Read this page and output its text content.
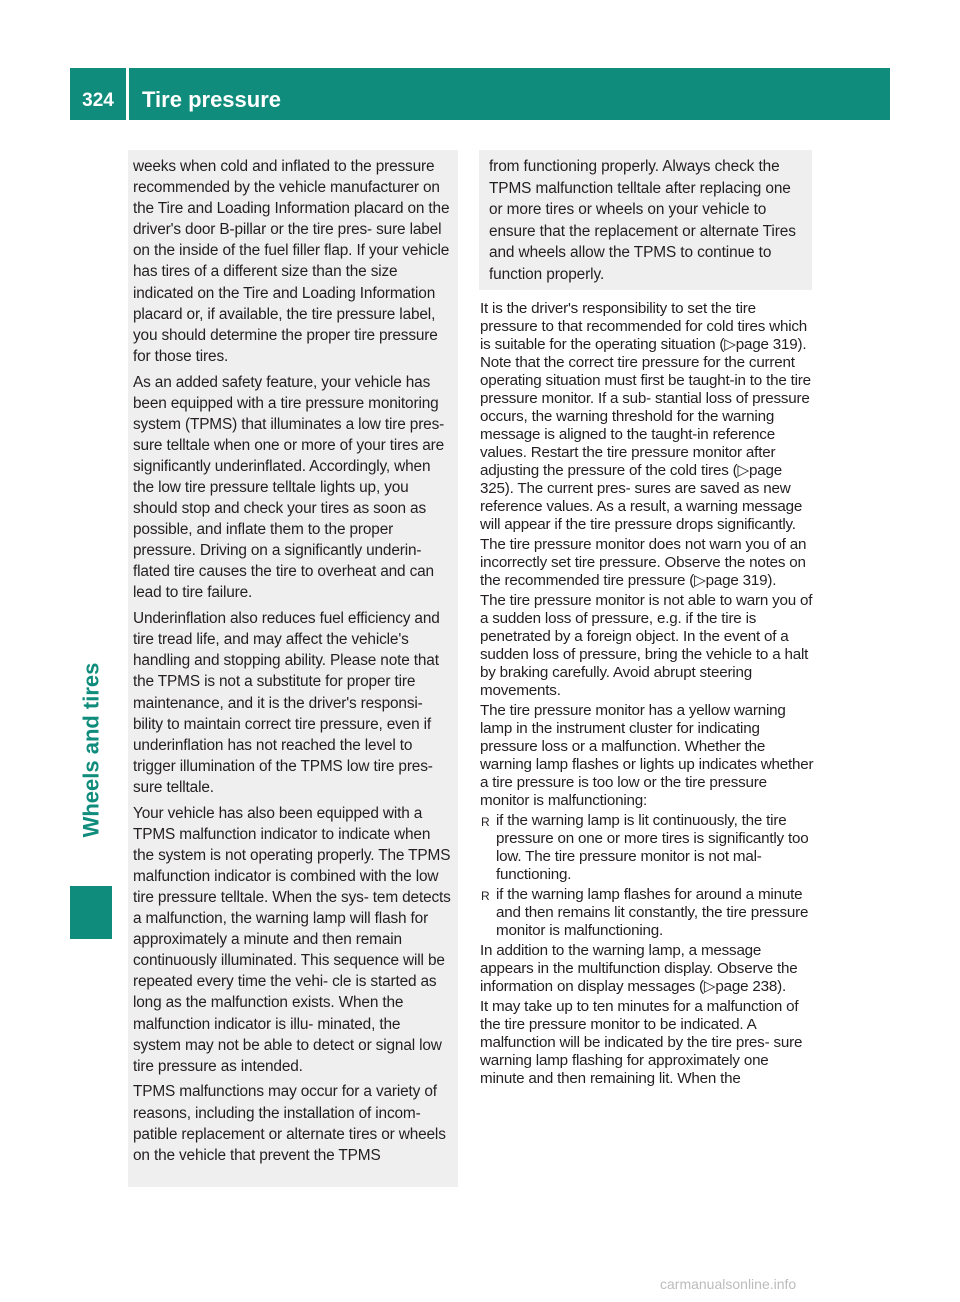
324	Tire pressure
Wheels and tires

weeks when cold and inflated to the pressure recommended by the vehicle manufacturer on the Tire and Loading Information placard on the driver's door B-pillar or the tire pres- sure label on the inside of the fuel filler flap. If your vehicle has tires of a different size than the size indicated on the Tire and Loading Information placard or, if available, the tire pressure label, you should determine the proper tire pressure for those tires.

As an added safety feature, your vehicle has been equipped with a tire pressure monitoring system (TPMS) that illuminates a low tire pres- sure telltale when one or more of your tires are significantly underinflated. Accordingly, when the low tire pressure telltale lights up, you should stop and check your tires as soon as possible, and inflate them to the proper pressure. Driving on a significantly underin- flated tire causes the tire to overheat and can lead to tire failure.

Underinflation also reduces fuel efficiency and tire tread life, and may affect the vehicle's handling and stopping ability. Please note that the TPMS is not a substitute for proper tire maintenance, and it is the driver's responsi- bility to maintain correct tire pressure, even if underinflation has not reached the level to trigger illumination of the TPMS low tire pres- sure telltale.

Your vehicle has also been equipped with a TPMS malfunction indicator to indicate when the system is not operating properly. The TPMS malfunction indicator is combined with the low tire pressure telltale. When the sys- tem detects a malfunction, the warning lamp will flash for approximately a minute and then remain continuously illuminated. This sequence will be repeated every time the vehi- cle is started as long as the malfunction exists. When the malfunction indicator is illu- minated, the system may not be able to detect or signal low tire pressure as intended.

TPMS malfunctions may occur for a variety of reasons, including the installation of incom- patible replacement or alternate tires or wheels on the vehicle that prevent the TPMS

from functioning properly. Always check the TPMS malfunction telltale after replacing one or more tires or wheels on your vehicle to ensure that the replacement or alternate Tires and wheels allow the TPMS to continue to function properly.

It is the driver's responsibility to set the tire pressure to that recommended for cold tires which is suitable for the operating situation (▷page 319). Note that the correct tire pressure for the current operating situation must first be taught-in to the tire pressure monitor. If a sub- stantial loss of pressure occurs, the warning threshold for the warning message is aligned to the taught-in reference values. Restart the tire pressure monitor after adjusting the pressure of the cold tires (▷page 325). The current pres- sures are saved as new reference values. As a result, a warning message will appear if the tire pressure drops significantly.

The tire pressure monitor does not warn you of an incorrectly set tire pressure. Observe the notes on the recommended tire pressure (▷page 319).

The tire pressure monitor is not able to warn you of a sudden loss of pressure, e.g. if the tire is penetrated by a foreign object. In the event of a sudden loss of pressure, bring the vehicle to a halt by braking carefully. Avoid abrupt steering movements.

The tire pressure monitor has a yellow warning lamp in the instrument cluster for indicating pressure loss or a malfunction. Whether the warning lamp flashes or lights up indicates whether a tire pressure is too low or the tire pressure monitor is malfunctioning:

R if the warning lamp is lit continuously, the tire pressure on one or more tires is significantly too low. The tire pressure monitor is not mal- functioning.
R if the warning lamp flashes for around a minute and then remains lit constantly, the tire pressure monitor is malfunctioning.

In addition to the warning lamp, a message appears in the multifunction display. Observe the information on display messages (▷page 238).

It may take up to ten minutes for a malfunction of the tire pressure monitor to be indicated. A malfunction will be indicated by the tire pres- sure warning lamp flashing for approximately one minute and then remaining lit. When the

carmanualsonline.info
